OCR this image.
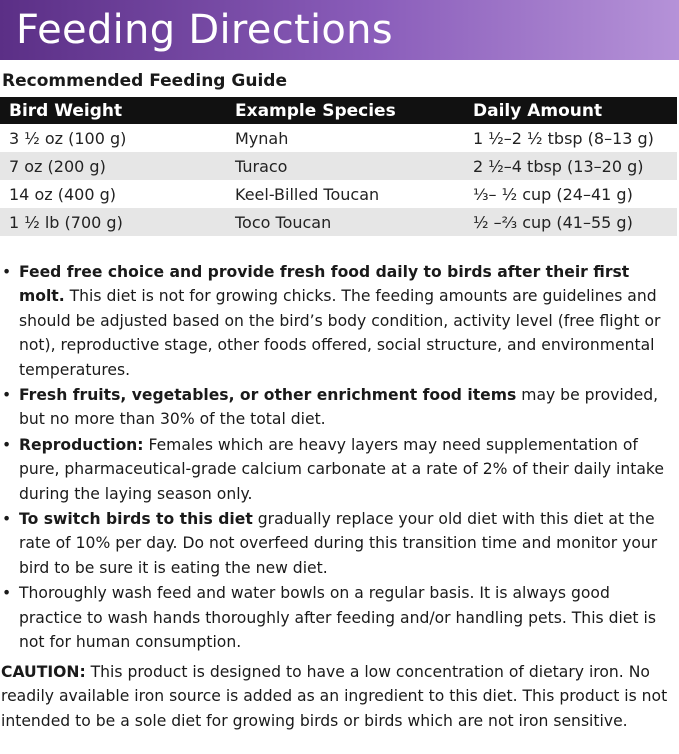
Feeding Directions
Recommended Feeding Guide
Bird Weight	Example Species	Daily Amount
3 ½ oz (100 g)	Mynah	1 ½–2 ½ tbsp (8–13 g)
7 oz (200 g)	Turaco	2 ½–4 tbsp (13–20 g)
14 oz (400 g)	Keel-Billed Toucan	⅓– ½ cup (24–41 g)
1 ½ lb (700 g)	Toco Toucan	½ –⅔ cup (41–55 g)
• Feed free choice and provide fresh food daily to birds after their first molt. This diet is not for growing chicks. The feeding amounts are guidelines and should be adjusted based on the bird’s body condition, activity level (free flight or not), reproductive stage, other foods offered, social structure, and environmental temperatures.
• Fresh fruits, vegetables, or other enrichment food items may be provided, but no more than 30% of the total diet.
• Reproduction: Females which are heavy layers may need supplementation of pure, pharmaceutical-grade calcium carbonate at a rate of 2% of their daily intake during the laying season only.
• To switch birds to this diet gradually replace your old diet with this diet at the rate of 10% per day. Do not overfeed during this transition time and monitor your bird to be sure it is eating the new diet.
• Thoroughly wash feed and water bowls on a regular basis. It is always good practice to wash hands thoroughly after feeding and/or handling pets. This diet is not for human consumption.

CAUTION: This product is designed to have a low concentration of dietary iron. No readily available iron source is added as an ingredient to this diet. This product is not intended to be a sole diet for growing birds or birds which are not iron sensitive.
